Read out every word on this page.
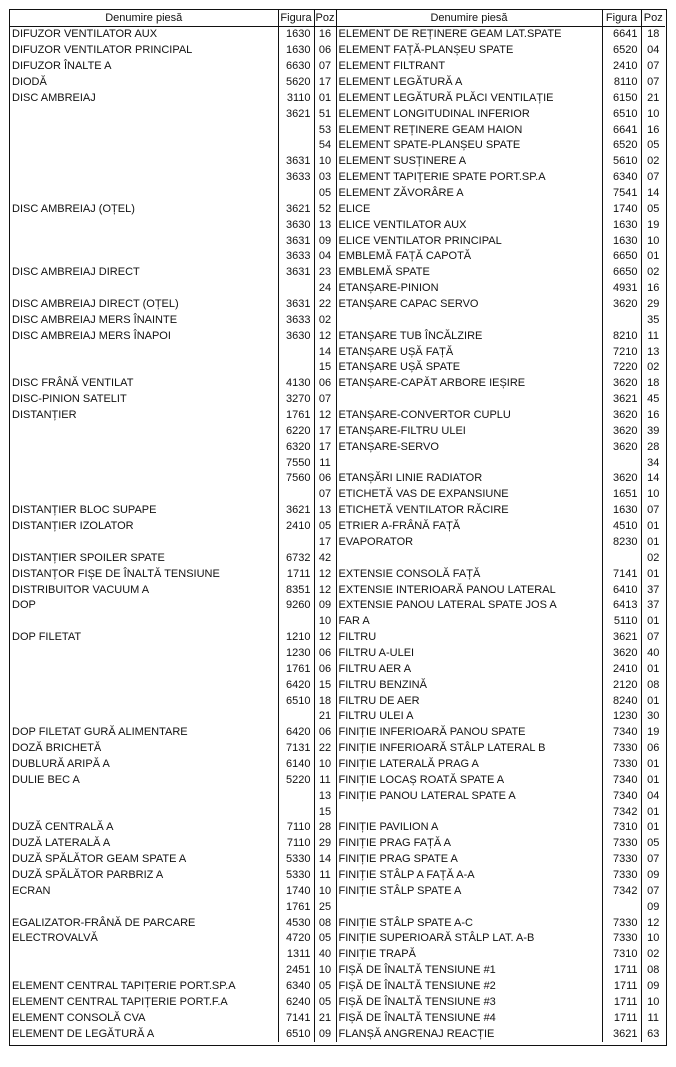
Denumire piesă	Figura	Poz	Denumire piesă	Figura	Poz
DIFUZOR VENTILATOR AUX	1630	16	ELEMENT DE REȚINERE GEAM LAT.SPATE	6641	18
DIFUZOR VENTILATOR PRINCIPAL	1630	06	ELEMENT FAȚĂ-PLANȘEU SPATE	6520	04
DIFUZOR ÎNALTE A	6630	07	ELEMENT FILTRANT	2410	07
DIODĂ	5620	17	ELEMENT LEGĂTURĂ A	8110	07
DISC AMBREIAJ	3110	01	ELEMENT LEGĂTURĂ PLĂCI VENTILAȚIE	6150	21
	3621	51	ELEMENT LONGITUDINAL INFERIOR	6510	10
		53	ELEMENT REȚINERE GEAM HAION	6641	16
		54	ELEMENT SPATE-PLANȘEU SPATE	6520	05
	3631	10	ELEMENT SUSȚINERE A	5610	02
	3633	03	ELEMENT TAPIȚERIE SPATE PORT.SP.A	6340	07
		05	ELEMENT ZĂVORÂRE A	7541	14
DISC AMBREIAJ (OȚEL)	3621	52	ELICE	1740	05
	3630	13	ELICE VENTILATOR AUX	1630	19
	3631	09	ELICE VENTILATOR PRINCIPAL	1630	10
	3633	04	EMBLEMĂ FAȚĂ CAPOTĂ	6650	01
DISC AMBREIAJ DIRECT	3631	23	EMBLEMĂ SPATE	6650	02
		24	ETANȘARE-PINION	4931	16
DISC AMBREIAJ DIRECT (OȚEL)	3631	22	ETANȘARE CAPAC SERVO	3620	29
DISC AMBREIAJ MERS ÎNAINTE	3633	02			35
DISC AMBREIAJ MERS ÎNAPOI	3630	12	ETANȘARE TUB ÎNCĂLZIRE	8210	11
		14	ETANȘARE UȘĂ FAȚĂ	7210	13
		15	ETANȘARE UȘĂ SPATE	7220	02
DISC FRÂNĂ VENTILAT	4130	06	ETANȘARE-CAPĂT ARBORE IEȘIRE	3620	18
DISC-PINION SATELIT	3270	07		3621	45
DISTANȚIER	1761	12	ETANȘARE-CONVERTOR CUPLU	3620	16
	6220	17	ETANȘARE-FILTRU ULEI	3620	39
	6320	17	ETANȘARE-SERVO	3620	28
	7550	11			34
	7560	06	ETANȘĂRI LINIE RADIATOR	3620	14
		07	ETICHETĂ VAS DE EXPANSIUNE	1651	10
DISTANȚIER BLOC SUPAPE	3621	13	ETICHETĂ VENTILATOR RĂCIRE	1630	07
DISTANȚIER IZOLATOR	2410	05	ETRIER A-FRÂNĂ FAȚĂ	4510	01
		17	EVAPORATOR	8230	01
DISTANȚIER SPOILER SPATE	6732	42			02
DISTANȚOR FIȘE DE ÎNALTĂ TENSIUNE	1711	12	EXTENSIE CONSOLĂ FAȚĂ	7141	01
DISTRIBUITOR VACUUM A	8351	12	EXTENSIE INTERIOARĂ PANOU LATERAL	6410	37
DOP	9260	09	EXTENSIE PANOU LATERAL SPATE JOS A	6413	37
		10	FAR A	5110	01
DOP FILETAT	1210	12	FILTRU	3621	07
	1230	06	FILTRU A-ULEI	3620	40
	1761	06	FILTRU AER A	2410	01
	6420	15	FILTRU BENZINĂ	2120	08
	6510	18	FILTRU DE AER	8240	01
		21	FILTRU ULEI A	1230	30
DOP FILETAT GURĂ ALIMENTARE	6420	06	FINIȚIE INFERIOARĂ PANOU SPATE	7340	19
DOZĂ BRICHETĂ	7131	22	FINIȚIE INFERIOARĂ STÂLP LATERAL B	7330	06
DUBLURĂ ARIPĂ A	6140	10	FINIȚIE LATERALĂ PRAG A	7330	01
DULIE BEC A	5220	11	FINIȚIE LOCAȘ ROATĂ SPATE A	7340	01
		13	FINIȚIE PANOU LATERAL SPATE A	7340	04
		15		7342	01
DUZĂ CENTRALĂ A	7110	28	FINIȚIE PAVILION A	7310	01
DUZĂ LATERALĂ A	7110	29	FINIȚIE PRAG FAȚĂ A	7330	05
DUZĂ SPĂLĂTOR GEAM SPATE A	5330	14	FINIȚIE PRAG SPATE A	7330	07
DUZĂ SPĂLĂTOR PARBRIZ A	5330	11	FINIȚIE STÂLP A FAȚĂ A-A	7330	09
ECRAN	1740	10	FINIȚIE STÂLP SPATE A	7342	07
	1761	25			09
EGALIZATOR-FRÂNĂ DE PARCARE	4530	08	FINIȚIE STÂLP SPATE A-C	7330	12
ELECTROVALVĂ	4720	05	FINIȚIE SUPERIOARĂ STÂLP LAT. A-B	7330	10
	1311	40	FINIȚIE TRAPĂ	7310	02
	2451	10	FIȘĂ DE ÎNALTĂ TENSIUNE #1	1711	08
ELEMENT CENTRAL TAPIȚERIE PORT.SP.A	6340	05	FIȘĂ DE ÎNALTĂ TENSIUNE #2	1711	09
ELEMENT CENTRAL TAPIȚERIE PORT.F.A	6240	05	FIȘĂ DE ÎNALTĂ TENSIUNE #3	1711	10
ELEMENT CONSOLĂ CVA	7141	21	FIȘĂ DE ÎNALTĂ TENSIUNE #4	1711	11
ELEMENT DE LEGĂTURĂ A	6510	09	FLANȘĂ ANGRENAJ REACȚIE	3621	63
